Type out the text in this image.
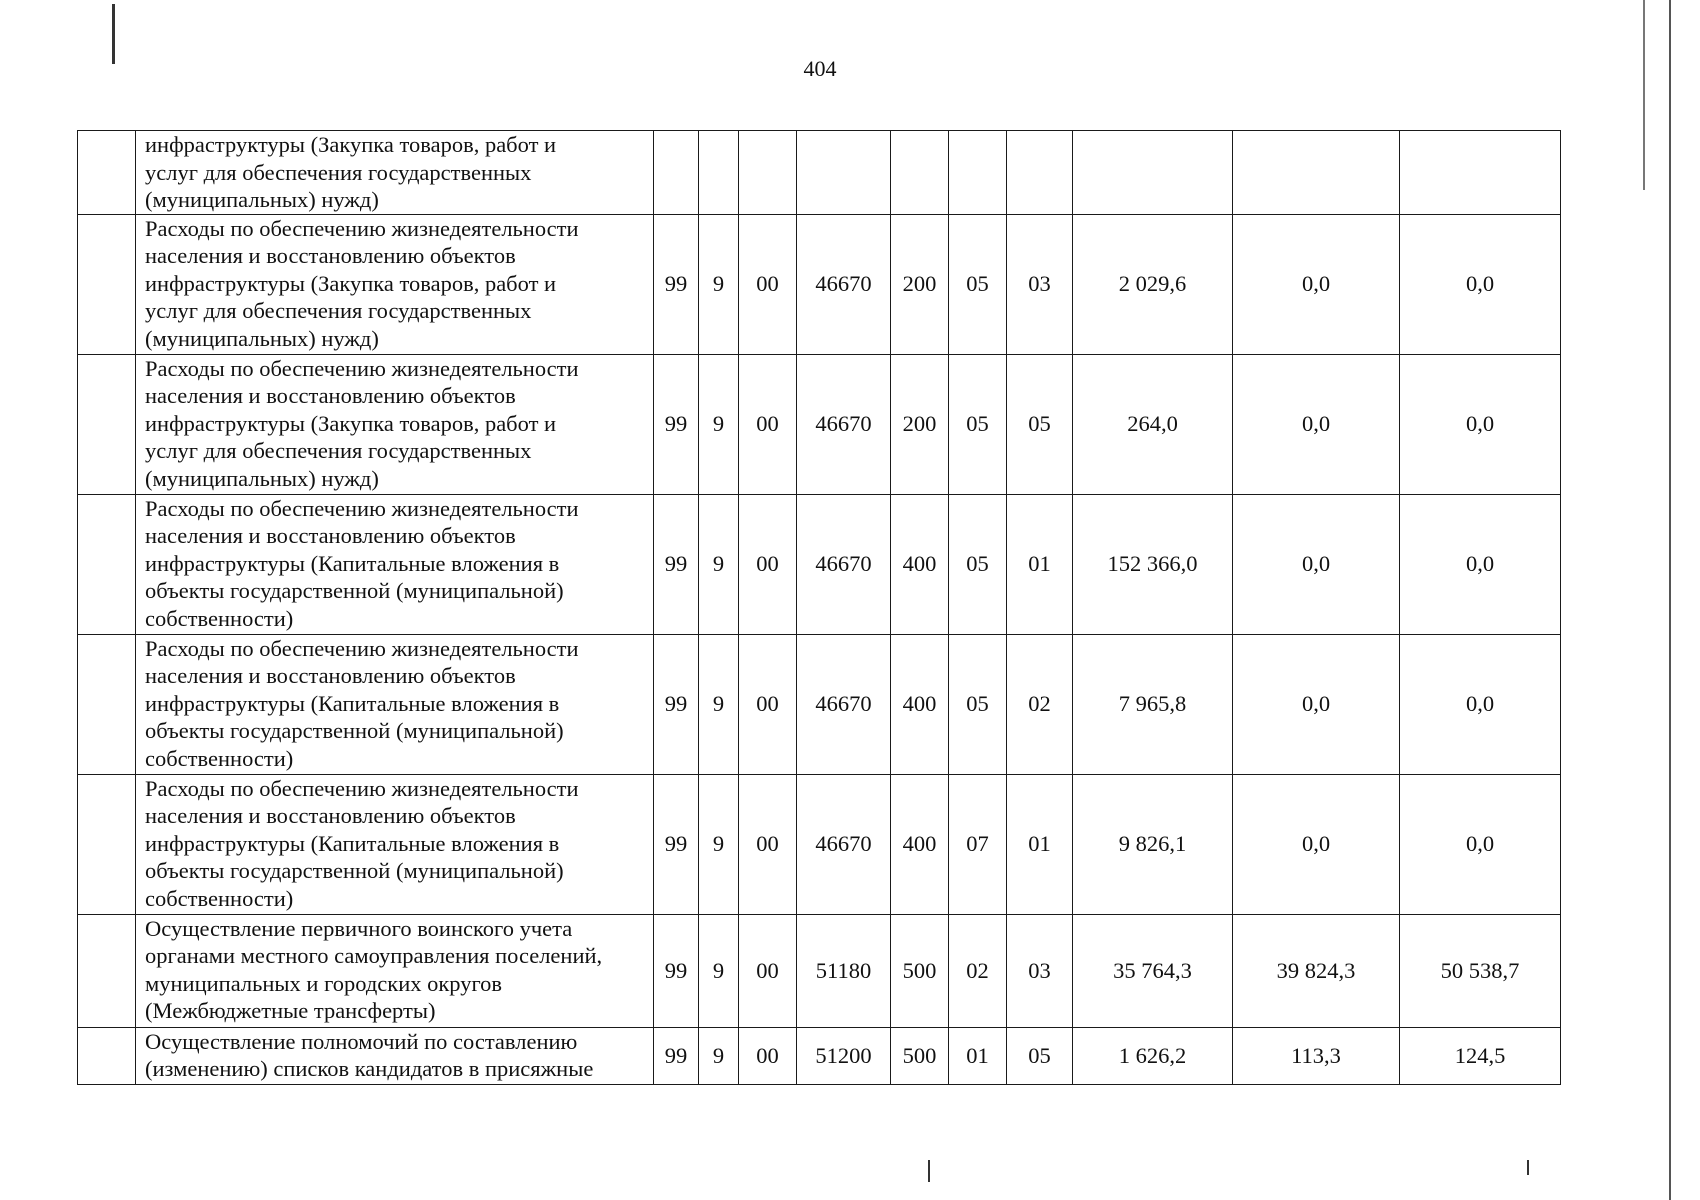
404
	инфраструктуры (Закупка товаров, работ и
услуг для обеспечения государственных
(муниципальных) нужд)										
	Расходы по обеспечению жизнедеятельности
населения и восстановлению объектов
инфраструктуры (Закупка товаров, работ и
услуг для обеспечения государственных
(муниципальных) нужд)	99	9	00	46670	200	05	03	2 029,6	0,0	0,0
	Расходы по обеспечению жизнедеятельности
населения и восстановлению объектов
инфраструктуры (Закупка товаров, работ и
услуг для обеспечения государственных
(муниципальных) нужд)	99	9	00	46670	200	05	05	264,0	0,0	0,0
	Расходы по обеспечению жизнедеятельности
населения и восстановлению объектов
инфраструктуры (Капитальные вложения в
объекты государственной (муниципальной)
собственности)	99	9	00	46670	400	05	01	152 366,0	0,0	0,0
	Расходы по обеспечению жизнедеятельности
населения и восстановлению объектов
инфраструктуры (Капитальные вложения в
объекты государственной (муниципальной)
собственности)	99	9	00	46670	400	05	02	7 965,8	0,0	0,0
	Расходы по обеспечению жизнедеятельности
населения и восстановлению объектов
инфраструктуры (Капитальные вложения в
объекты государственной (муниципальной)
собственности)	99	9	00	46670	400	07	01	9 826,1	0,0	0,0
	Осуществление первичного воинского учета
органами местного самоуправления поселений,
муниципальных и городских округов
(Межбюджетные трансферты)	99	9	00	51180	500	02	03	35 764,3	39 824,3	50 538,7
	Осуществление полномочий по составлению
(изменению) списков кандидатов в присяжные	99	9	00	51200	500	01	05	1 626,2	113,3	124,5
